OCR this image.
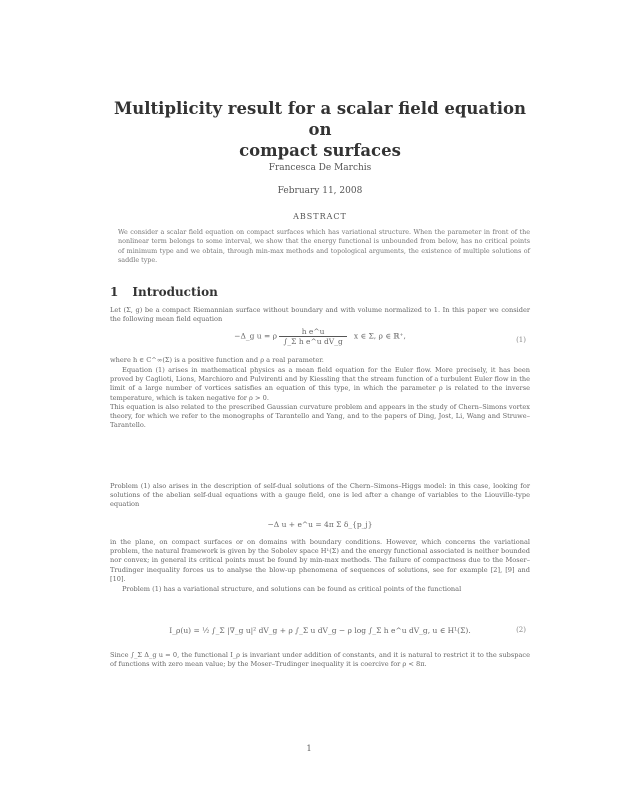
Multiplicity result for a scalar field equation on
compact surfaces
Francesca De Marchis
February 11, 2008
ABSTRACT
We consider a scalar field equation on compact surfaces which has variational structure. When the parameter in front of the nonlinear term belongs to some interval, we show that the energy functional is unbounded from below, has no critical points of minimum type and we obtain, through min-max methods and topological arguments, the existence of multiple solutions of saddle type.
1 Introduction
Let (Σ, g) be a compact Riemannian surface without boundary and with volume normalized to 1. In this paper we consider the following mean field equation
−Δ_g u = ρ $\frac{\text{h e\textasciicircum{}u}}{\text{∫\_Σ h e\textasciicircum{}u dV\_g}}$ x ∈ Σ, ρ ∈ ℝ⁺,	(1)
where h ∈ C^∞(Σ) is a positive function and ρ a real parameter.
Equation (1) arises in mathematical physics as a mean field equation for the Euler flow. More precisely, it has been proved by Caglioti, Lions, Marchioro and Pulvirenti and by Kiessling that the stream function of a turbulent Euler flow in the limit of a large number of vortices satisfies an equation of this type, in which the parameter ρ is related to the inverse temperature, which is taken negative for ρ > 0.
This equation is also related to the prescribed Gaussian curvature problem and appears in the study of Chern–Simons vortex theory, for which we refer to the monographs of Tarantello and Yang, and to the papers of Ding, Jost, Li, Wang and Struwe–Tarantello.
Problem (1) also arises in the description of self-dual solutions of the Chern–Simons–Higgs model: in this case, looking for solutions of the abelian self-dual equations with a gauge field, one is led after a change of variables to the Liouville-type equation
−Δ u + e^u = 4π Σ δ_{p_j}
in the plane, on compact surfaces or on domains with boundary conditions. However, which concerns the variational problem, the natural framework is given by the Sobolev space H¹(Σ) and the energy functional associated is neither bounded nor convex; in general its critical points must be found by min-max methods. The failure of compactness due to the Moser–Trudinger inequality forces us to analyse the blow-up phenomena of sequences of solutions, see for example [2], [9] and [10].
Problem (1) has a variational structure, and solutions can be found as critical points of the functional
I_ρ(u) = ½ ∫_Σ |∇_g u|² dV_g + ρ ∫_Σ u dV_g − ρ log ∫_Σ h e^u dV_g, u ∈ H¹(Σ).	(2)
Since ∫_Σ Δ_g u = 0, the functional I_ρ is invariant under addition of constants, and it is natural to restrict it to the subspace of functions with zero mean value; by the Moser–Trudinger inequality it is coercive for ρ < 8π.
1
